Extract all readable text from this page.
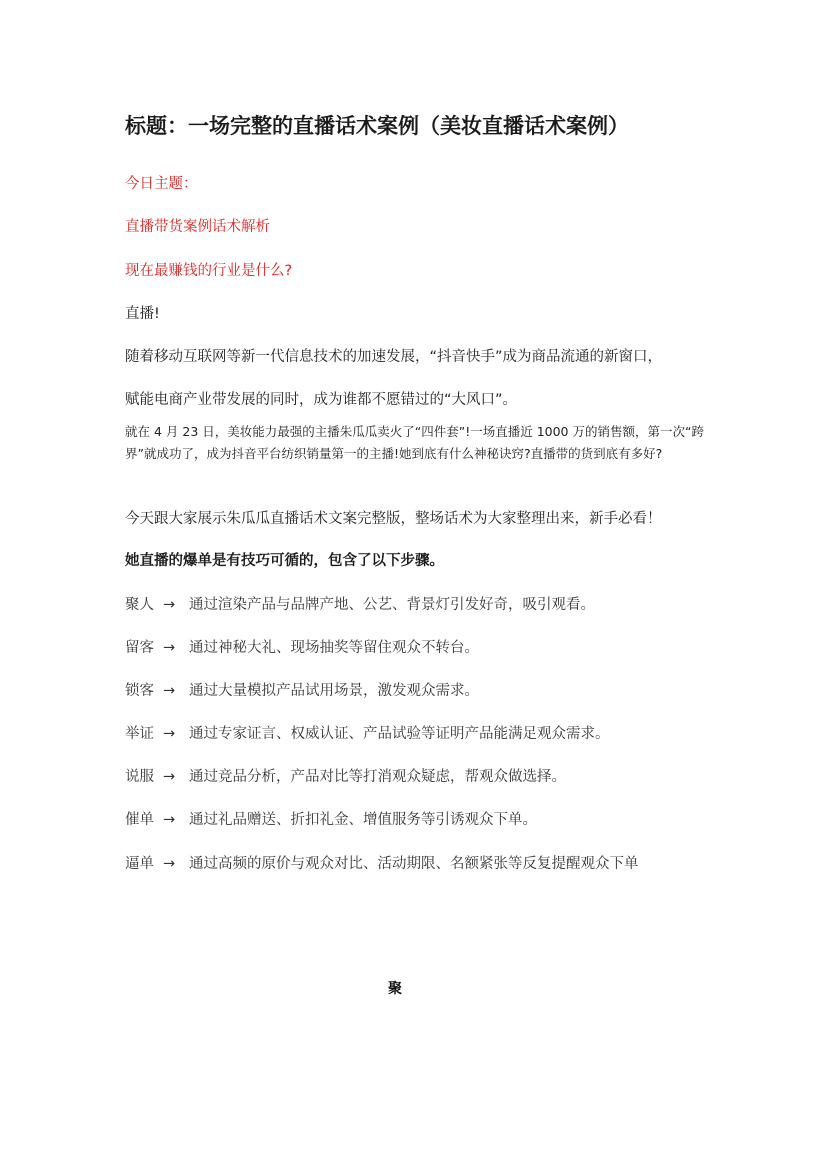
标题：一场完整的直播话术案例（美妆直播话术案例）
今日主题：
直播带货案例话术解析
现在最赚钱的行业是什么?
直播!
随着移动互联网等新一代信息技术的加速发展，“抖音快手”成为商品流通的新窗口，
赋能电商产业带发展的同时，成为谁都不愿错过的“大风口”。
就在 4 月 23 日，美妆能力最强的主播朱瓜瓜卖火了“四件套”!一场直播近 1000 万的销售额，第一次“跨界”就成功了，成为抖音平台纺织销量第一的主播!她到底有什么神秘诀窍?直播带的货到底有多好?
今天跟大家展示朱瓜瓜直播话术文案完整版，整场话术为大家整理出来，新手必看！
她直播的爆单是有技巧可循的，包含了以下步骤。
聚人 → 通过渲染产品与品牌产地、公艺、背景灯引发好奇，吸引观看。
留客 → 通过神秘大礼、现场抽奖等留住观众不转台。
锁客 → 通过大量模拟产品试用场景，激发观众需求。
举证 → 通过专家证言、权威认证、产品试验等证明产品能满足观众需求。
说服 → 通过竞品分析，产品对比等打消观众疑虑，帮观众做选择。
催单 → 通过礼品赠送、折扣礼金、增值服务等引诱观众下单。
逼单 → 通过高频的原价与观众对比、活动期限、名额紧张等反复提醒观众下单
聚
